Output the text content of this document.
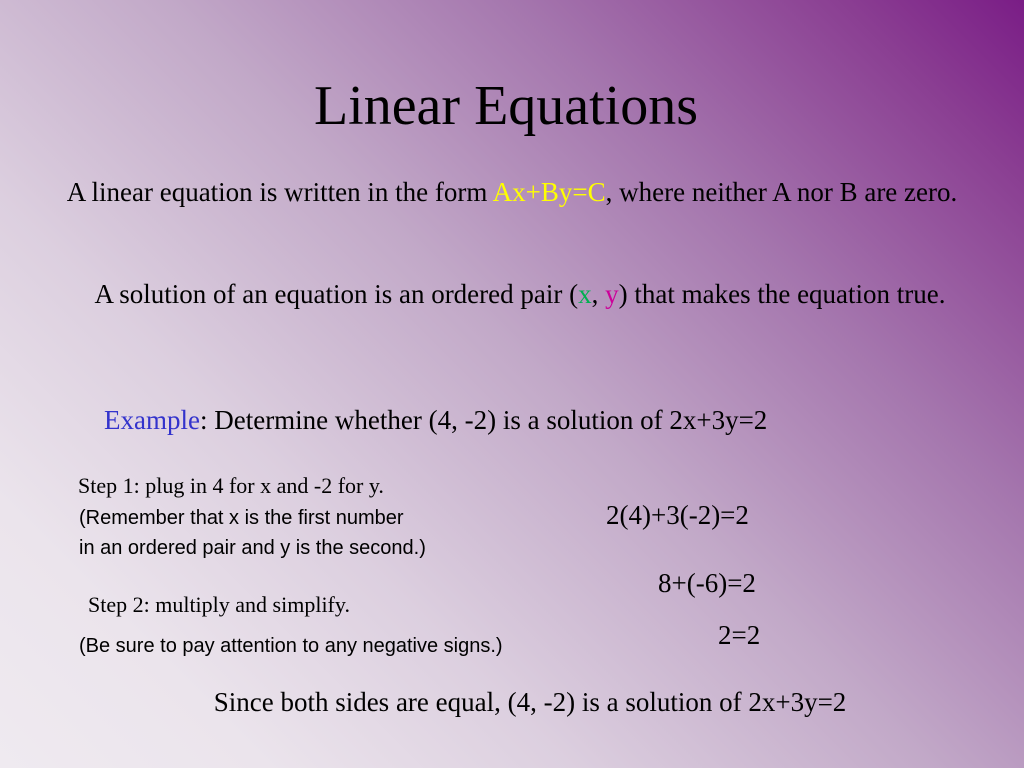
Linear Equations
A linear equation is written in the form Ax+By=C, where neither A nor B are zero.
A solution of an equation is an ordered pair (x, y) that makes the equation true.
Example: Determine whether (4, -2) is a solution of 2x+3y=2
Step 1: plug in 4 for x and -2 for y.
(Remember that x is the first number
in an ordered pair and y is the second.)
Step 2: multiply and simplify.
(Be sure to pay attention to any negative signs.)
2(4)+3(-2)=2
8+(-6)=2
2=2
Since both sides are equal, (4, -2) is a solution of 2x+3y=2
